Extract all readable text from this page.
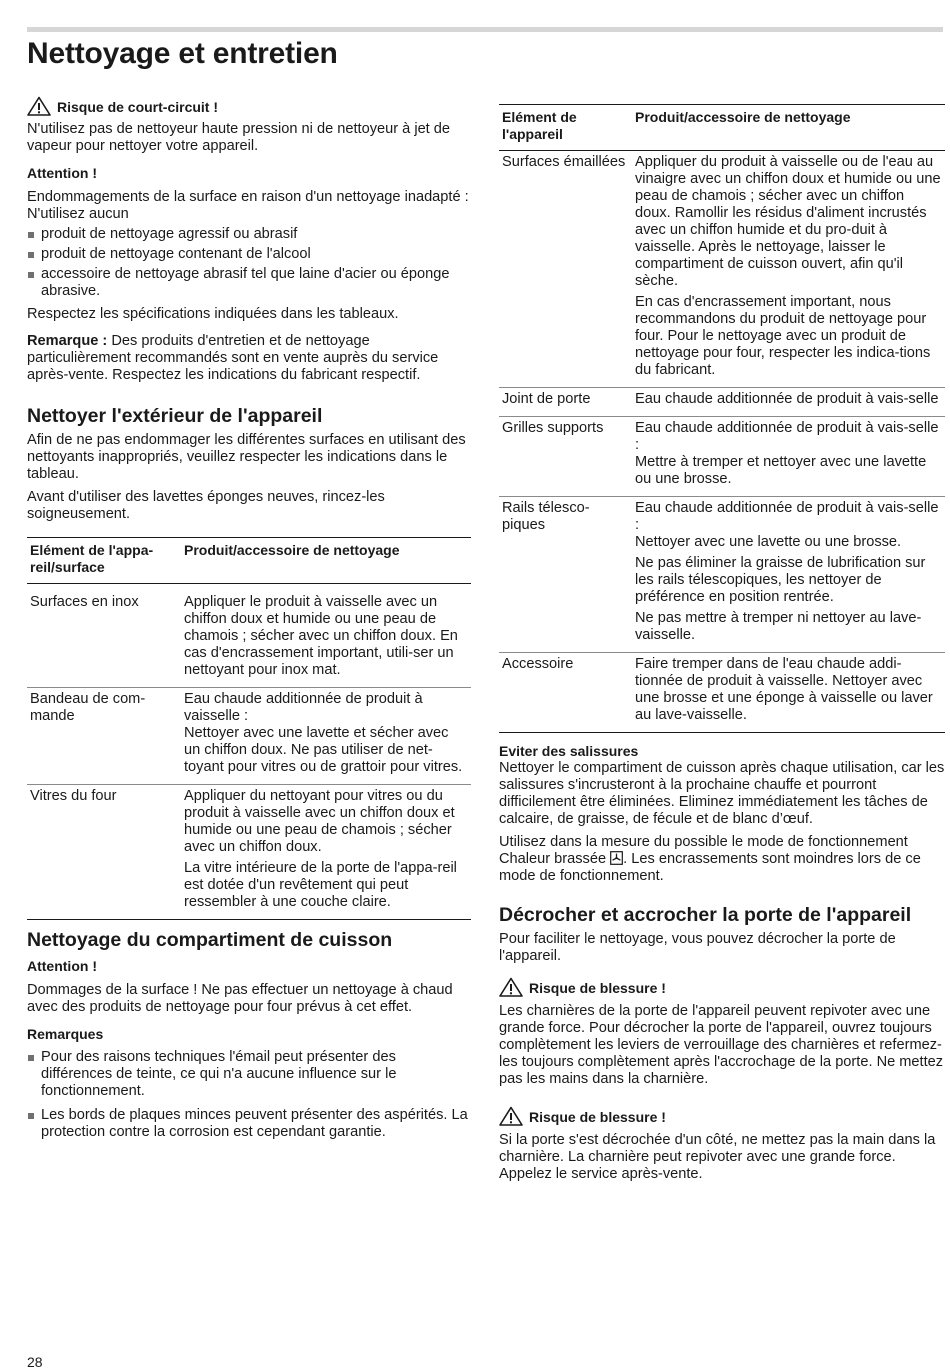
Nettoyage et entretien
Risque de court-circuit !

N'utilisez pas de nettoyeur haute pression ni de nettoyeur à jet de vapeur pour nettoyer votre appareil.

Attention !

Endommagements de la surface en raison d'un nettoyage inadapté : N'utilisez aucun

produit de nettoyage agressif ou abrasif
produit de nettoyage contenant de l'alcool
accessoire de nettoyage abrasif tel que laine d'acier ou éponge abrasive.

Respectez les spécifications indiquées dans les tableaux.

Remarque : Des produits d'entretien et de nettoyage particulièrement recommandés sont en vente auprès du service après-vente. Respectez les indications du fabricant respectif.

Nettoyer l'extérieur de l'appareil

Afin de ne pas endommager les différentes surfaces en utilisant des nettoyants inappropriés, veuillez respecter les indications dans le tableau.

Avant d'utiliser des lavettes éponges neuves, rincez-les soigneusement.

Elément de l'appa-reil/surface	Produit/accessoire de nettoyage
Surfaces en inox	Appliquer le produit à vaisselle avec un chiffon doux et humide ou une peau de chamois ; sécher avec un chiffon doux. En cas d'encrassement important, utili-ser un nettoyant pour inox mat.

Bandeau de com-mande	Eau chaude additionnée de produit à vaisselle :
Nettoyer avec une lavette et sécher avec un chiffon doux. Ne pas utiliser de net-toyant pour vitres ou de grattoir pour vitres.

Vitres du four	Appliquer du nettoyant pour vitres ou du produit à vaisselle avec un chiffon doux et humide ou une peau de chamois ; sécher avec un chiffon doux.

La vitre intérieure de la porte de l'appa-reil est dotée d'un revêtement qui peut ressembler à une couche claire.

Nettoyage du compartiment de cuisson
Attention !

Dommages de la surface ! Ne pas effectuer un nettoyage à chaud avec des produits de nettoyage pour four prévus à cet effet.

Remarques
Pour des raisons techniques l'émail peut présenter des différences de teinte, ce qui n'a aucune influence sur le fonctionnement.
Les bords de plaques minces peuvent présenter des aspérités. La protection contre la corrosion est cependant garantie.
Elément de l'appareil	Produit/accessoire de nettoyage
Surfaces émaillées	Appliquer du produit à vaisselle ou de l'eau au vinaigre avec un chiffon doux et humide ou une peau de chamois ; sécher avec un chiffon doux. Ramollir les résidus d'aliment incrustés avec un chiffon humide et du pro-duit à vaisselle. Après le nettoyage, laisser le compartiment de cuisson ouvert, afin qu'il sèche.

En cas d'encrassement important, nous recommandons du produit de nettoyage pour four. Pour le nettoyage avec un produit de nettoyage pour four, respecter les indica-tions du fabricant.

Joint de porte	Eau chaude additionnée de produit à vais-selle

Grilles supports	Eau chaude additionnée de produit à vais-selle :
Mettre à tremper et nettoyer avec une lavette ou une brosse.

Rails télesco-piques	Eau chaude additionnée de produit à vais-selle :
Nettoyer avec une lavette ou une brosse.

Ne pas éliminer la graisse de lubrification sur les rails télescopiques, les nettoyer de préférence en position rentrée.

Ne pas mettre à tremper ni nettoyer au lave-vaisselle.

Accessoire	Faire tremper dans de l'eau chaude addi-tionnée de produit à vaisselle. Nettoyer avec une brosse et une éponge à vaisselle ou laver au lave-vaisselle.

Eviter des salissures

Nettoyer le compartiment de cuisson après chaque utilisation, car les salissures s'incrusteront à la prochaine chauffe et pourront difficilement être éliminées. Eliminez immédiatement les tâches de calcaire, de graisse, de fécule et de blanc d’œuf.

Utilisez dans la mesure du possible le mode de fonctionnement Chaleur brassée . Les encrassements sont moindres lors de ce mode de fonctionnement.

Décrocher et accrocher la porte de l'appareil

Pour faciliter le nettoyage, vous pouvez décrocher la porte de l'appareil.

Risque de blessure !

Les charnières de la porte de l'appareil peuvent repivoter avec une grande force. Pour décrocher la porte de l'appareil, ouvrez toujours complètement les leviers de verrouillage des charnières et refermez-les toujours complètement après l'accrochage de la porte. Ne mettez pas les mains dans la charnière.

Risque de blessure !

Si la porte s'est décrochée d'un côté, ne mettez pas la main dans la charnière. La charnière peut repivoter avec une grande force. Appelez le service après-vente.

28
